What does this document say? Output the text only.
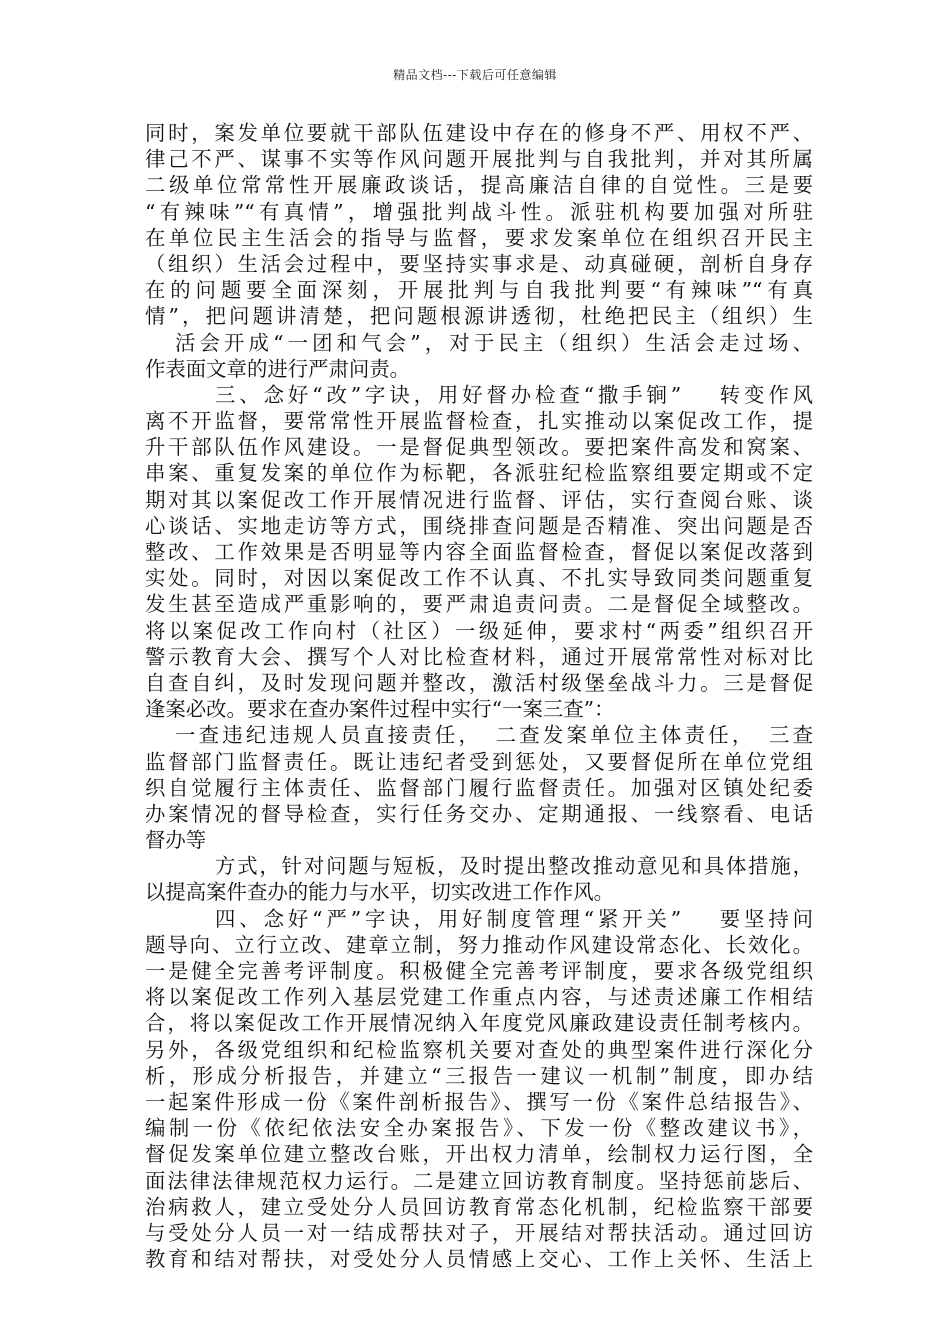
精品文档---下载后可任意编辑
同时，案发单位要就干部队伍建设中存在的修身不严、用权不严、
律己不严、谋事不实等作风问题开展批判与自我批判，并对其所属
二级单位常常性开展廉政谈话，提高廉洁自律的自觉性。三是要
“有辣味”“有真情”，增强批判战斗性。派驻机构要加强对所驻
在单位民主生活会的指导与监督，要求发案单位在组织召开民主
（组织）生活会过程中，要坚持实事求是、动真碰硬，剖析自身存
在的问题要全面深刻，开展批判与自我批判要“有辣味”“有真
情”，把问题讲清楚，把问题根源讲透彻，杜绝把民主（组织）生
活会开成“一团和气会”，对于民主（组织）生活会走过场、
作表面文章的进行严肃问责。
三、念好“改”字诀，用好督办检查“撒手锏”　 转变作风
离不开监督，要常常性开展监督检查，扎实推动以案促改工作，提
升干部队伍作风建设。一是督促典型领改。要把案件高发和窝案、
串案、重复发案的单位作为标靶，各派驻纪检监察组要定期或不定
期对其以案促改工作开展情况进行监督、评估，实行查阅台账、谈
心谈话、实地走访等方式，围绕排查问题是否精准、突出问题是否
整改、工作效果是否明显等内容全面监督检查，督促以案促改落到
实处。同时，对因以案促改工作不认真、不扎实导致同类问题重复
发生甚至造成严重影响的，要严肃追责问责。二是督促全域整改。
将以案促改工作向村（社区）一级延伸，要求村“两委”组织召开
警示教育大会、撰写个人对比检查材料，通过开展常常性对标对比
自查自纠，及时发现问题并整改，激活村级堡垒战斗力。三是督促
逢案必改。要求在查办案件过程中实行“一案三查”：
一查违纪违规人员直接责任，　二查发案单位主体责任，　三查
监督部门监督责任。既让违纪者受到惩处，又要督促所在单位党组
织自觉履行主体责任、监督部门履行监督责任。加强对区镇处纪委
办案情况的督导检查，实行任务交办、定期通报、一线察看、电话
督办等
方式，针对问题与短板，及时提出整改推动意见和具体措施，
以提高案件查办的能力与水平，切实改进工作作风。
四、念好“严”字诀，用好制度管理“紧开关”　 要坚持问
题导向、立行立改、建章立制，努力推动作风建设常态化、长效化。
一是健全完善考评制度。积极健全完善考评制度，要求各级党组织
将以案促改工作列入基层党建工作重点内容，与述责述廉工作相结
合，将以案促改工作开展情况纳入年度党风廉政建设责任制考核内。
另外，各级党组织和纪检监察机关要对查处的典型案件进行深化分
析，形成分析报告，并建立“三报告一建议一机制”制度，即办结
一起案件形成一份《案件剖析报告》、撰写一份《案件总结报告》、
编制一份《依纪依法安全办案报告》、下发一份《整改建议书》，
督促发案单位建立整改台账，开出权力清单，绘制权力运行图，全
面法律法律规范权力运行。二是建立回访教育制度。坚持惩前毖后、
治病救人，建立受处分人员回访教育常态化机制，纪检监察干部要
与受处分人员一对一结成帮扶对子，开展结对帮扶活动。通过回访
教育和结对帮扶，对受处分人员情感上交心、工作上关怀、生活上
